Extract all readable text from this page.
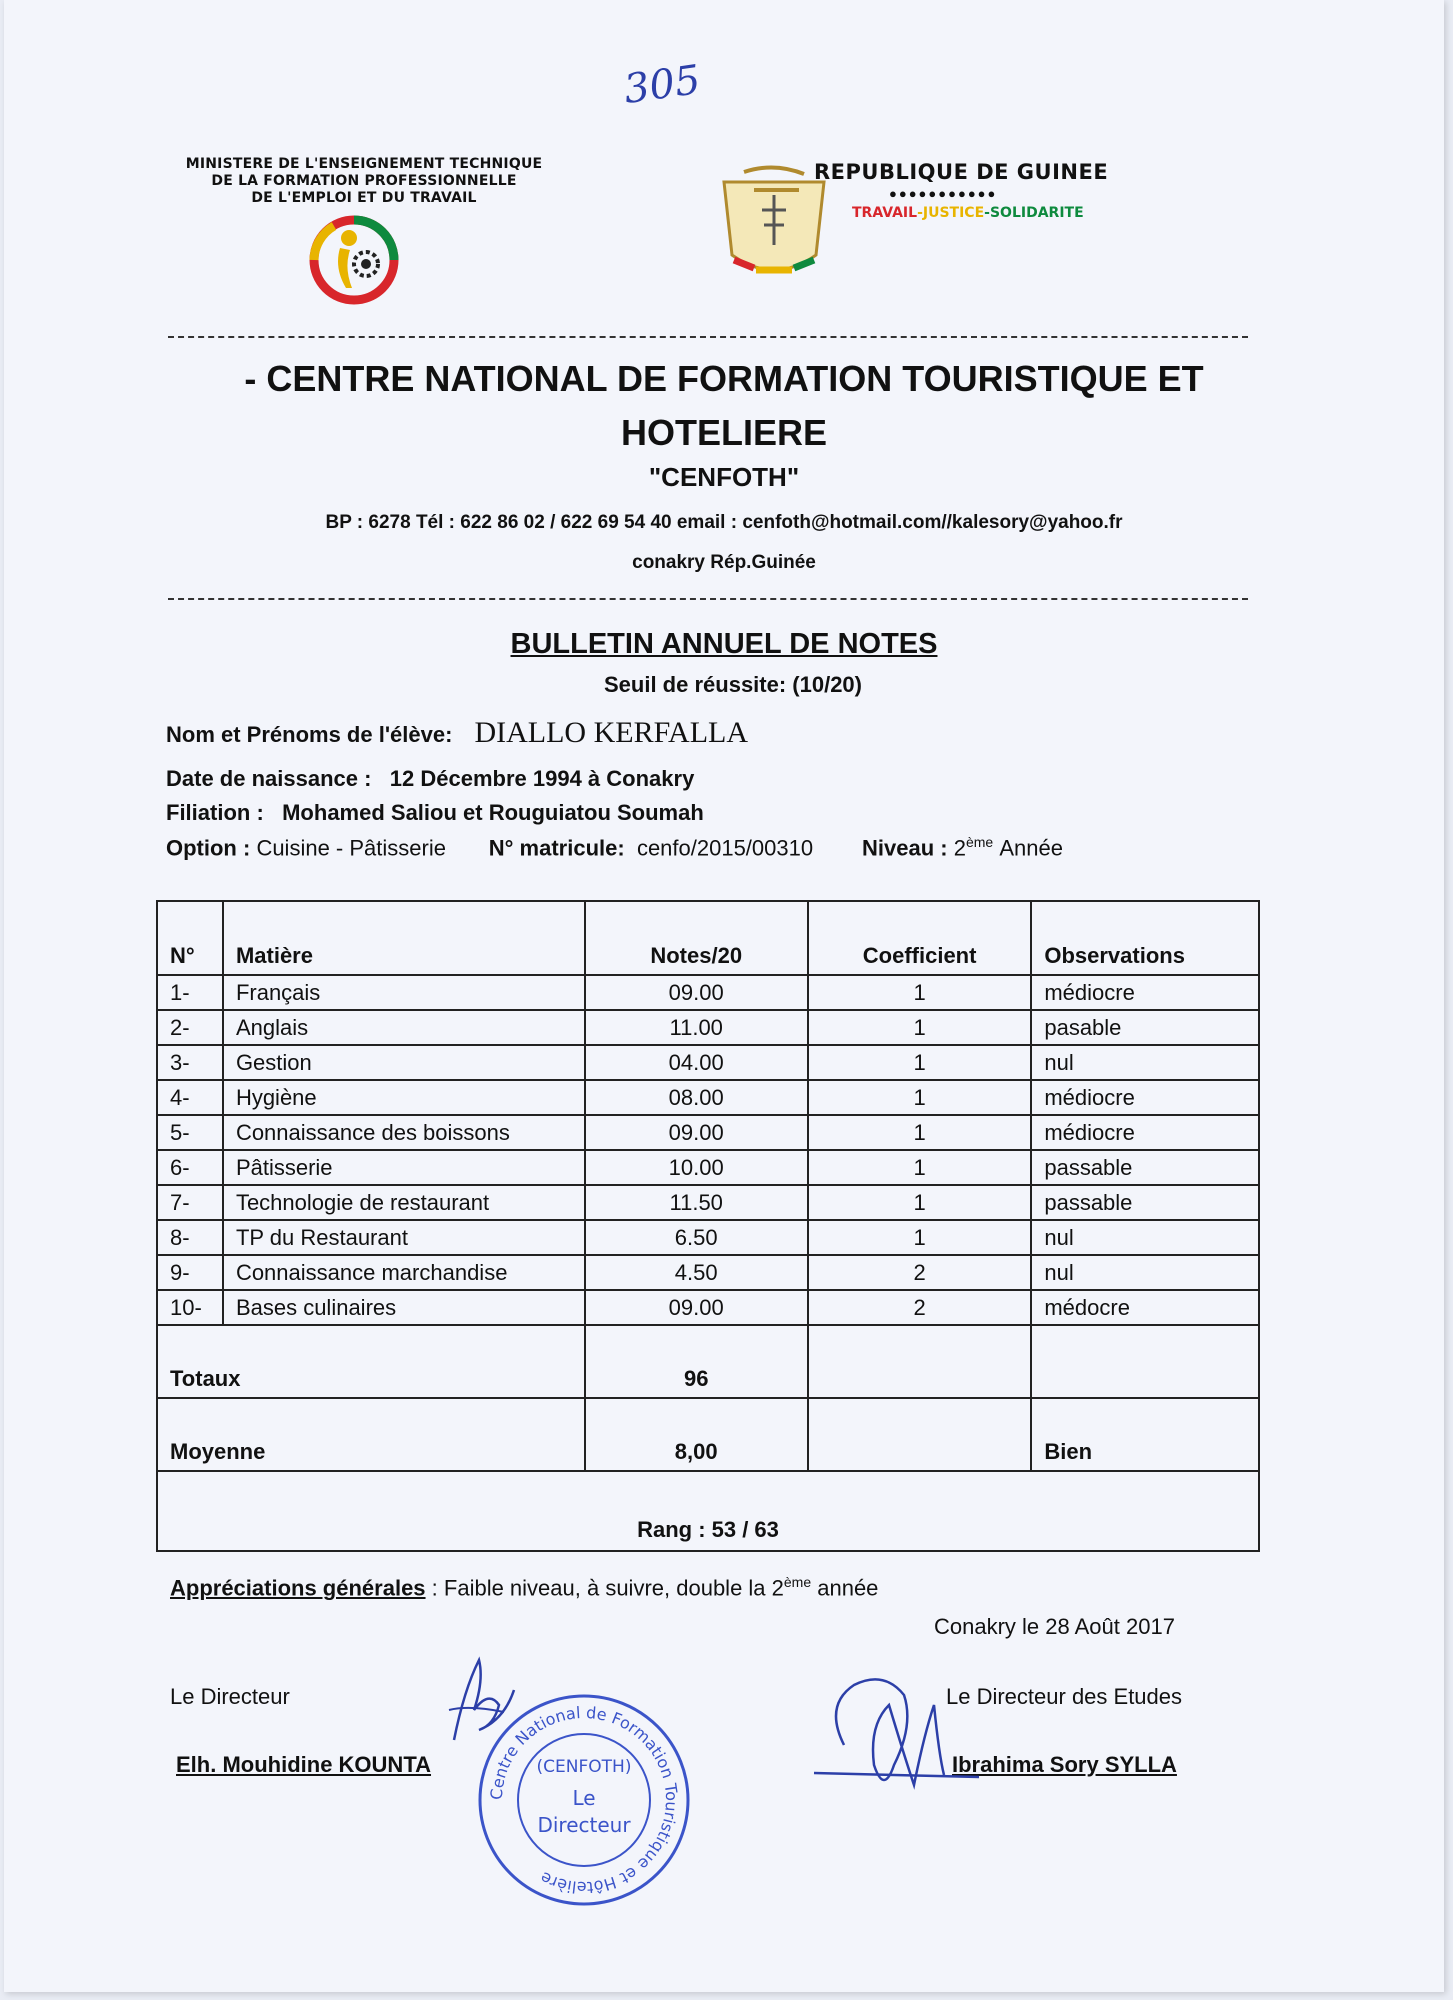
305
MINISTERE DE L'ENSEIGNEMENT TECHNIQUE
DE LA FORMATION PROFESSIONNELLE
DE L'EMPLOI ET DU TRAVAIL
REPUBLIQUE DE GUINEE
●●●●●●●●●●●
TRAVAIL-JUSTICE-SOLIDARITE
- CENTRE NATIONAL DE FORMATION TOURISTIQUE ET
HOTELIERE
"CENFOTH"
BP : 6278 Tél : 622 86 02 / 622 69 54 40 email : cenfoth@hotmail.com//kalesory@yahoo.fr
conakry Rép.Guinée
BULLETIN ANNUEL DE NOTES
Seuil de réussite: (10/20)
Nom et Prénoms de l'élève: DIALLO KERFALLA
Date de naissance : 12 Décembre 1994 à Conakry
Filiation : Mohamed Saliou et Rouguiatou Soumah
Option : Cuisine - Pâtisserie N° matricule: cenfo/2015/00310 Niveau : 2ème Année
N°	Matière	Notes/20	Coefficient	Observations
1-	Français	09.00	1	médiocre
2-	Anglais	11.00	1	pasable
3-	Gestion	04.00	1	nul
4-	Hygiène	08.00	1	médiocre
5-	Connaissance des boissons	09.00	1	médiocre
6-	Pâtisserie	10.00	1	passable
7-	Technologie de restaurant	11.50	1	passable
8-	TP du Restaurant	6.50	1	nul
9-	Connaissance marchandise	4.50	2	nul
10-	Bases culinaires	09.00	2	médocre
Totaux		96		
Moyenne		8,00		Bien
Rang : 53 / 63				
Appréciations générales : Faible niveau, à suivre, double la 2ème année
Conakry le 28 Août 2017
Le Directeur
Elh. Mouhidine KOUNTA
Le Directeur des Etudes
Ibrahima Sory SYLLA
Centre National de Formation Touristique et Hôtelière
(CENFOTH)
Le
Directeur
